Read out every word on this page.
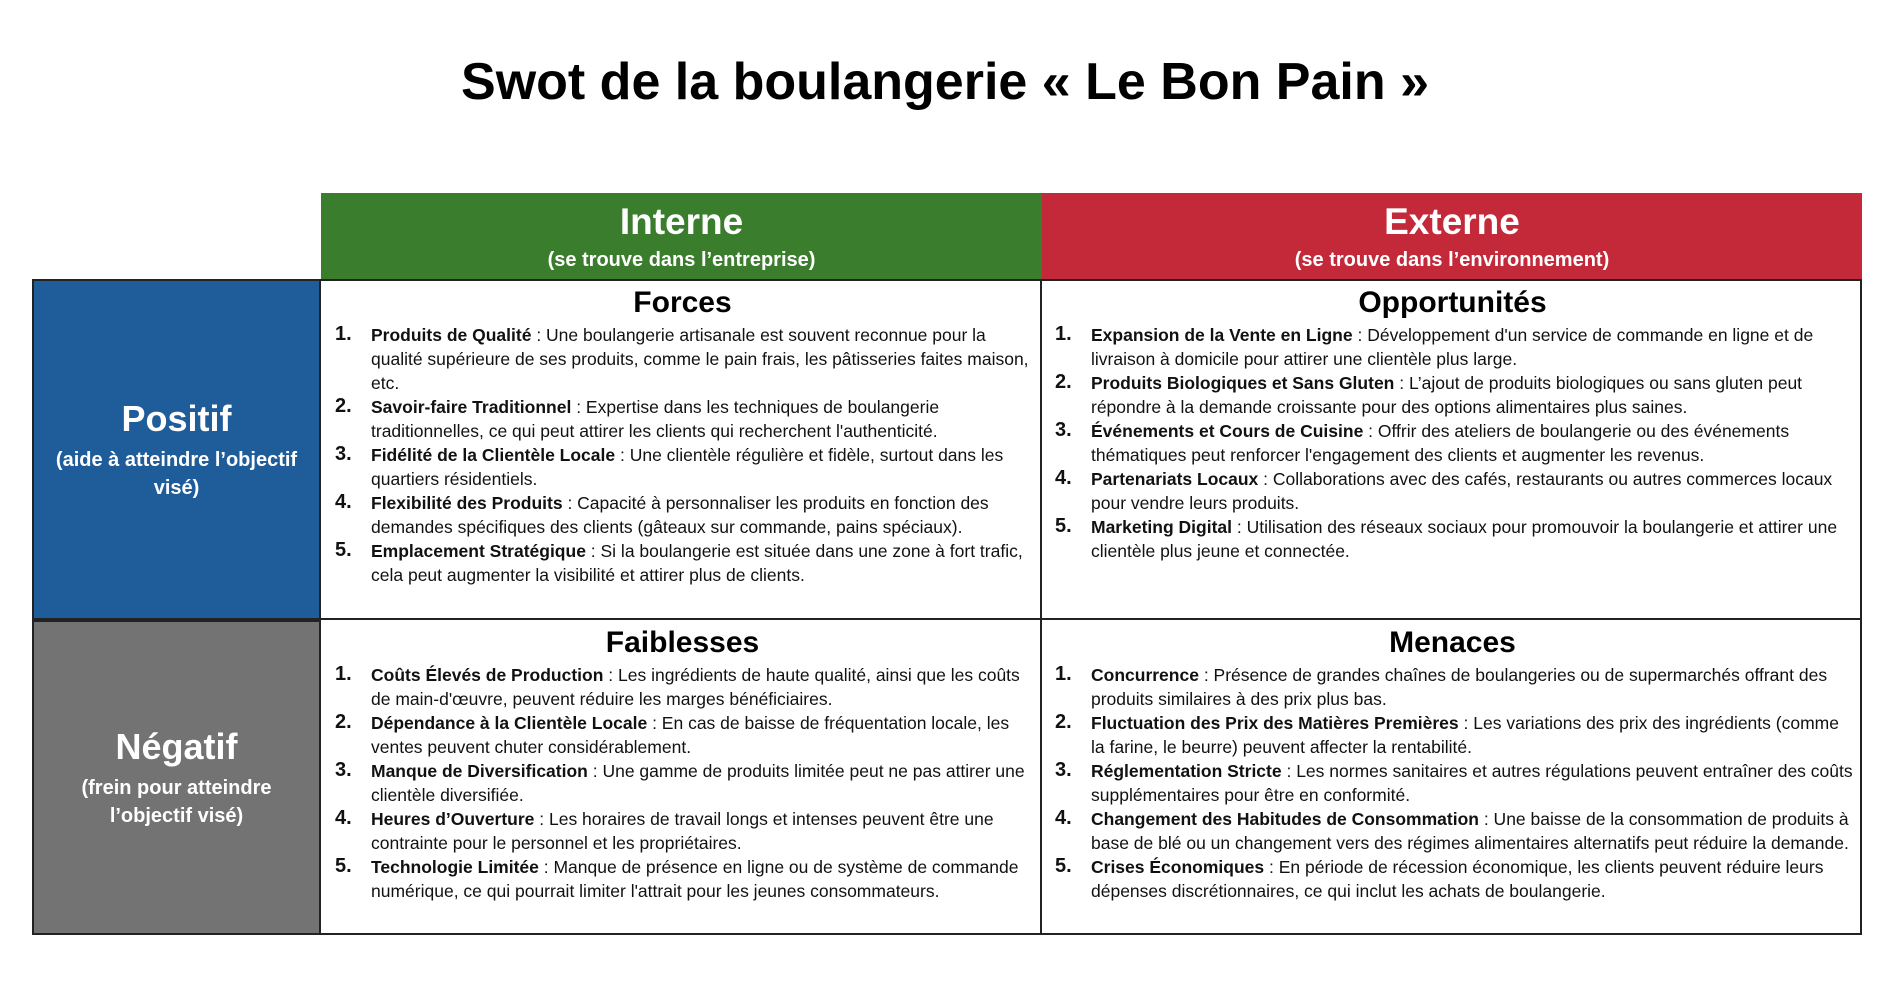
Swot de la boulangerie « Le Bon Pain »
Interne
(se trouve dans l’entreprise)
Externe
(se trouve dans l’environnement)
Positif
(aide à atteindre l’objectif visé)
Négatif
(frein pour atteindre l’objectif visé)
Forces
1. Produits de Qualité : Une boulangerie artisanale est souvent reconnue pour la qualité supérieure de ses produits, comme le pain frais, les pâtisseries faites maison, etc.
2. Savoir-faire Traditionnel : Expertise dans les techniques de boulangerie traditionnelles, ce qui peut attirer les clients qui recherchent l'authenticité.
3. Fidélité de la Clientèle Locale : Une clientèle régulière et fidèle, surtout dans les quartiers résidentiels.
4. Flexibilité des Produits : Capacité à personnaliser les produits en fonction des demandes spécifiques des clients (gâteaux sur commande, pains spéciaux).
5. Emplacement Stratégique : Si la boulangerie est située dans une zone à fort trafic, cela peut augmenter la visibilité et attirer plus de clients.
Opportunités
1. Expansion de la Vente en Ligne : Développement d'un service de commande en ligne et de livraison à domicile pour attirer une clientèle plus large.
2. Produits Biologiques et Sans Gluten : L’ajout de produits biologiques ou sans gluten peut répondre à la demande croissante pour des options alimentaires plus saines.
3. Événements et Cours de Cuisine : Offrir des ateliers de boulangerie ou des événements thématiques peut renforcer l'engagement des clients et augmenter les revenus.
4. Partenariats Locaux : Collaborations avec des cafés, restaurants ou autres commerces locaux pour vendre leurs produits.
5. Marketing Digital : Utilisation des réseaux sociaux pour promouvoir la boulangerie et attirer une clientèle plus jeune et connectée.
Faiblesses
1. Coûts Élevés de Production : Les ingrédients de haute qualité, ainsi que les coûts de main-d'œuvre, peuvent réduire les marges bénéficiaires.
2. Dépendance à la Clientèle Locale : En cas de baisse de fréquentation locale, les ventes peuvent chuter considérablement.
3. Manque de Diversification : Une gamme de produits limitée peut ne pas attirer une clientèle diversifiée.
4. Heures d’Ouverture : Les horaires de travail longs et intenses peuvent être une contrainte pour le personnel et les propriétaires.
5. Technologie Limitée : Manque de présence en ligne ou de système de commande numérique, ce qui pourrait limiter l'attrait pour les jeunes consommateurs.
Menaces
1. Concurrence : Présence de grandes chaînes de boulangeries ou de supermarchés offrant des produits similaires à des prix plus bas.
2. Fluctuation des Prix des Matières Premières : Les variations des prix des ingrédients (comme la farine, le beurre) peuvent affecter la rentabilité.
3. Réglementation Stricte : Les normes sanitaires et autres régulations peuvent entraîner des coûts supplémentaires pour être en conformité.
4. Changement des Habitudes de Consommation : Une baisse de la consommation de produits à base de blé ou un changement vers des régimes alimentaires alternatifs peut réduire la demande.
5. Crises Économiques : En période de récession économique, les clients peuvent réduire leurs dépenses discrétionnaires, ce qui inclut les achats de boulangerie.
